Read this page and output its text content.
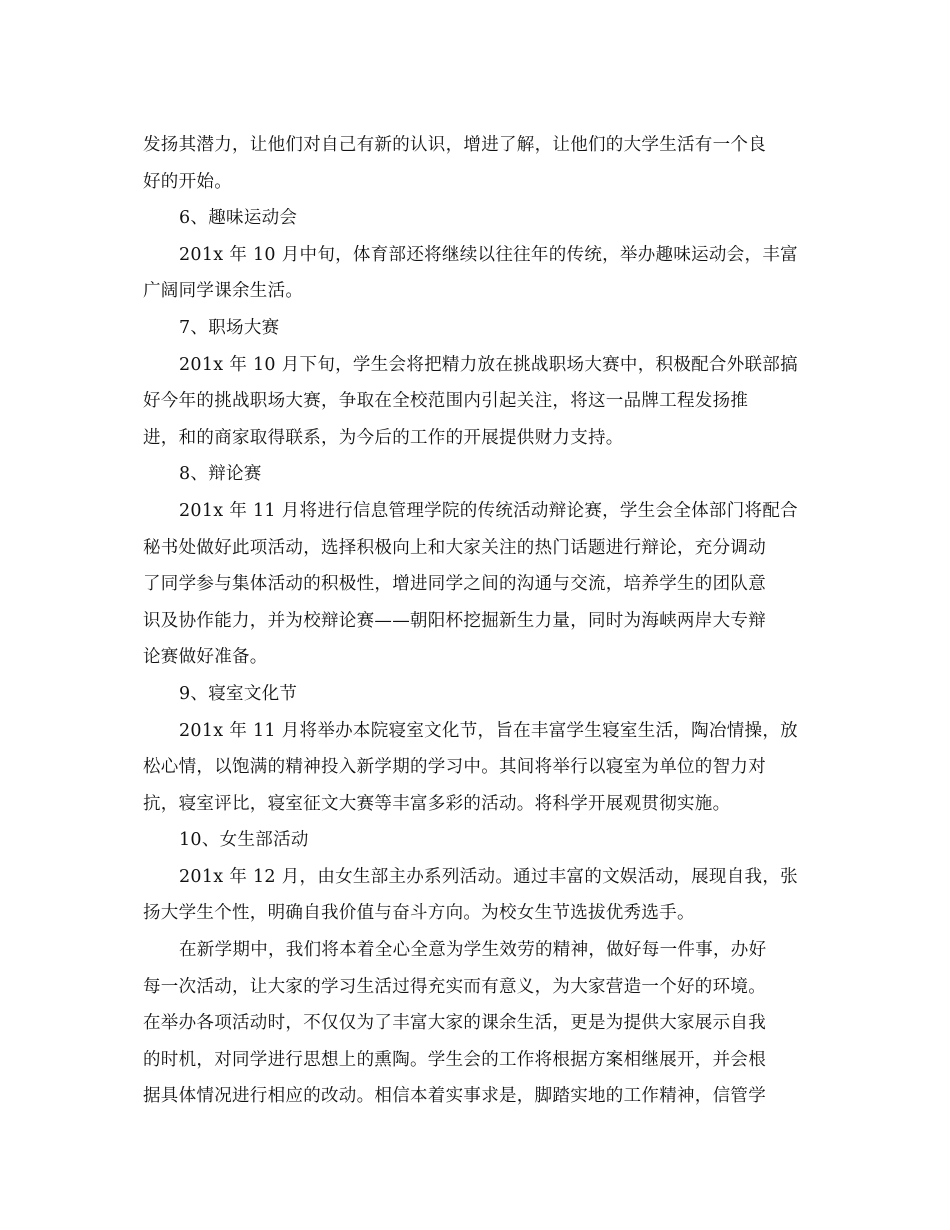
发扬其潜力，让他们对自己有新的认识，增进了解，让他们的大学生活有一个良
好的开始。
6、趣味运动会
201x 年 10 月中旬，体育部还将继续以往往年的传统，举办趣味运动会，丰富
广阔同学课余生活。
7、职场大赛
201x 年 10 月下旬，学生会将把精力放在挑战职场大赛中，积极配合外联部搞
好今年的挑战职场大赛，争取在全校范围内引起关注，将这一品牌工程发扬推
进，和的商家取得联系，为今后的工作的开展提供财力支持。
8、辩论赛
201x 年 11 月将进行信息管理学院的传统活动辩论赛，学生会全体部门将配合
秘书处做好此项活动，选择积极向上和大家关注的热门话题进行辩论，充分调动
了同学参与集体活动的积极性，增进同学之间的沟通与交流，培养学生的团队意
识及协作能力，并为校辩论赛——朝阳杯挖掘新生力量，同时为海峡两岸大专辩
论赛做好准备。
9、寝室文化节
201x 年 11 月将举办本院寝室文化节，旨在丰富学生寝室生活，陶冶情操，放
松心情，以饱满的精神投入新学期的学习中。其间将举行以寝室为单位的智力对
抗，寝室评比，寝室征文大赛等丰富多彩的活动。将科学开展观贯彻实施。
10、女生部活动
201x 年 12 月，由女生部主办系列活动。通过丰富的文娱活动，展现自我，张
扬大学生个性，明确自我价值与奋斗方向。为校女生节选拔优秀选手。
在新学期中，我们将本着全心全意为学生效劳的精神，做好每一件事，办好
每一次活动，让大家的学习生活过得充实而有意义，为大家营造一个好的环境。
在举办各项活动时，不仅仅为了丰富大家的课余生活，更是为提供大家展示自我
的时机，对同学进行思想上的熏陶。学生会的工作将根据方案相继展开，并会根
据具体情况进行相应的改动。相信本着实事求是，脚踏实地的工作精神，信管学
